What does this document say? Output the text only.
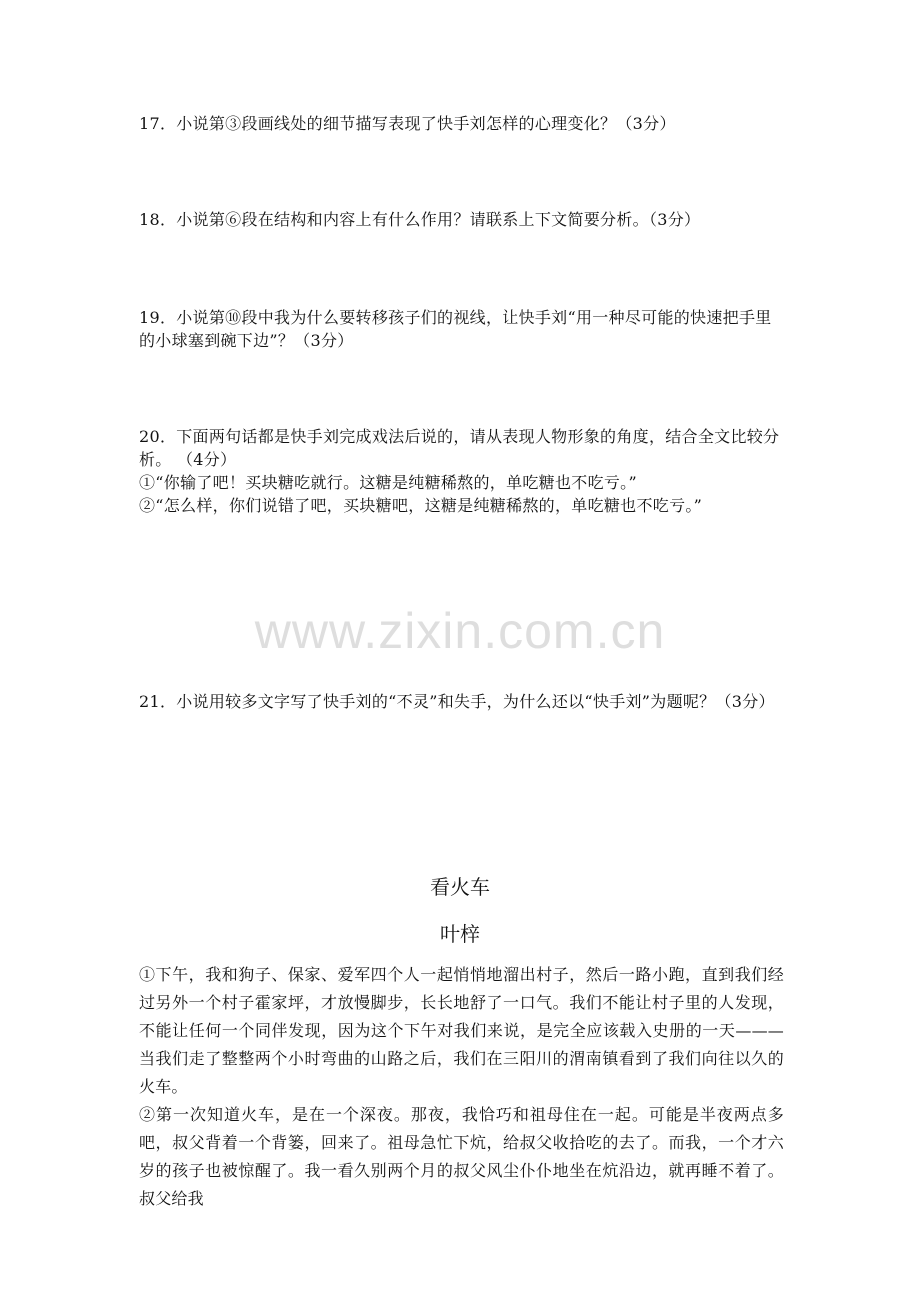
17．小说第③段画线处的细节描写表现了快手刘怎样的心理变化？（3分）

18．小说第⑥段在结构和内容上有什么作用？请联系上下文简要分析。（3分）

19．小说第⑩段中我为什么要转移孩子们的视线，让快手刘“用一种尽可能的快速把手里的小球塞到碗下边”？（3分）

20．下面两句话都是快手刘完成戏法后说的，请从表现人物形象的角度，结合全文比较分析。 （4分）

①“你输了吧！买块糖吃就行。这糖是纯糖稀熬的，单吃糖也不吃亏。”

②“怎么样，你们说错了吧，买块糖吧，这糖是纯糖稀熬的，单吃糖也不吃亏。”

www.zixin.com.cn

21．小说用较多文字写了快手刘的“不灵”和失手，为什么还以“快手刘”为题呢？（3分）

看火车
叶梓

①下午，我和狗子、保家、爱军四个人一起悄悄地溜出村子，然后一路小跑，直到我们经过另外一个村子霍家坪，才放慢脚步，长长地舒了一口气。我们不能让村子里的人发现，不能让任何一个同伴发现，因为这个下午对我们来说，是完全应该载入史册的一天———当我们走了整整两个小时弯曲的山路之后，我们在三阳川的渭南镇看到了我们向往以久的火车。

②第一次知道火车，是在一个深夜。那夜，我恰巧和祖母住在一起。可能是半夜两点多吧，叔父背着一个背篓，回来了。祖母急忙下炕，给叔父收拾吃的去了。而我，一个才六岁的孩子也被惊醒了。我一看久别两个月的叔父风尘仆仆地坐在炕沿边，就再睡不着了。叔父给我
